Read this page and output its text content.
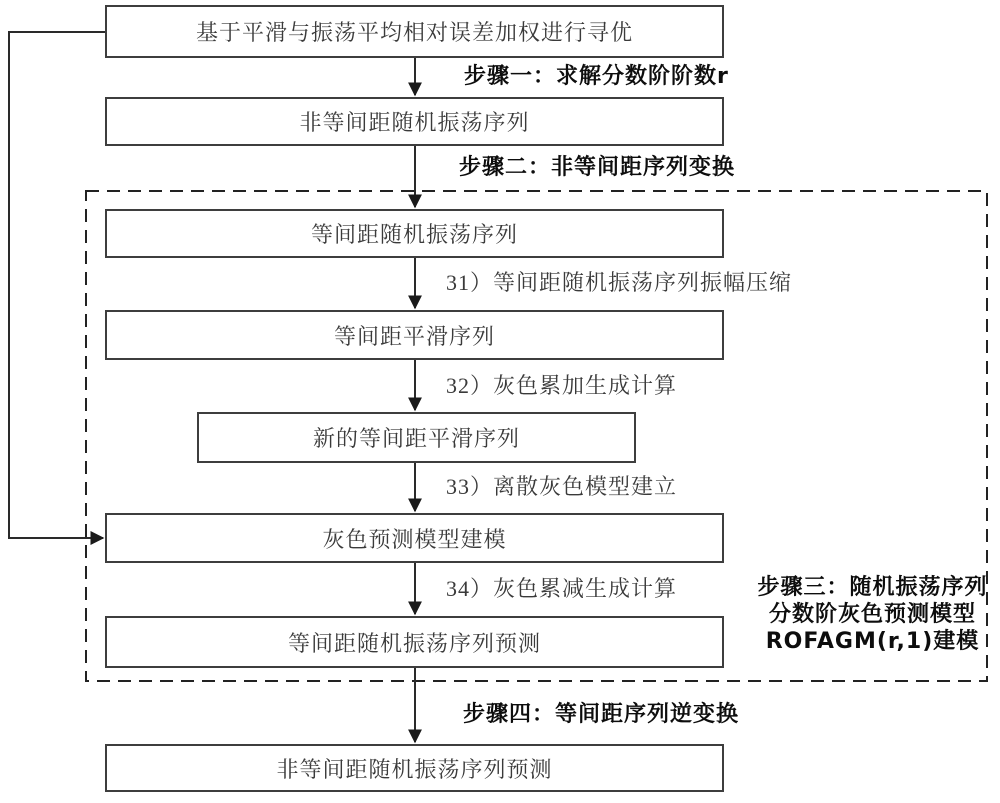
基于平滑与振荡平均相对误差加权进行寻优
非等间距随机振荡序列
等间距随机振荡序列
等间距平滑序列
新的等间距平滑序列
灰色预测模型建模
等间距随机振荡序列预测
非等间距随机振荡序列预测
步骤一：求解分数阶阶数r
步骤二：非等间距序列变换
步骤三：随机振荡序列
分数阶灰色预测模型
ROFAGM(r,1)建模
步骤四：等间距序列逆变换
31）等间距随机振荡序列振幅压缩
32）灰色累加生成计算
33）离散灰色模型建立
34）灰色累减生成计算
